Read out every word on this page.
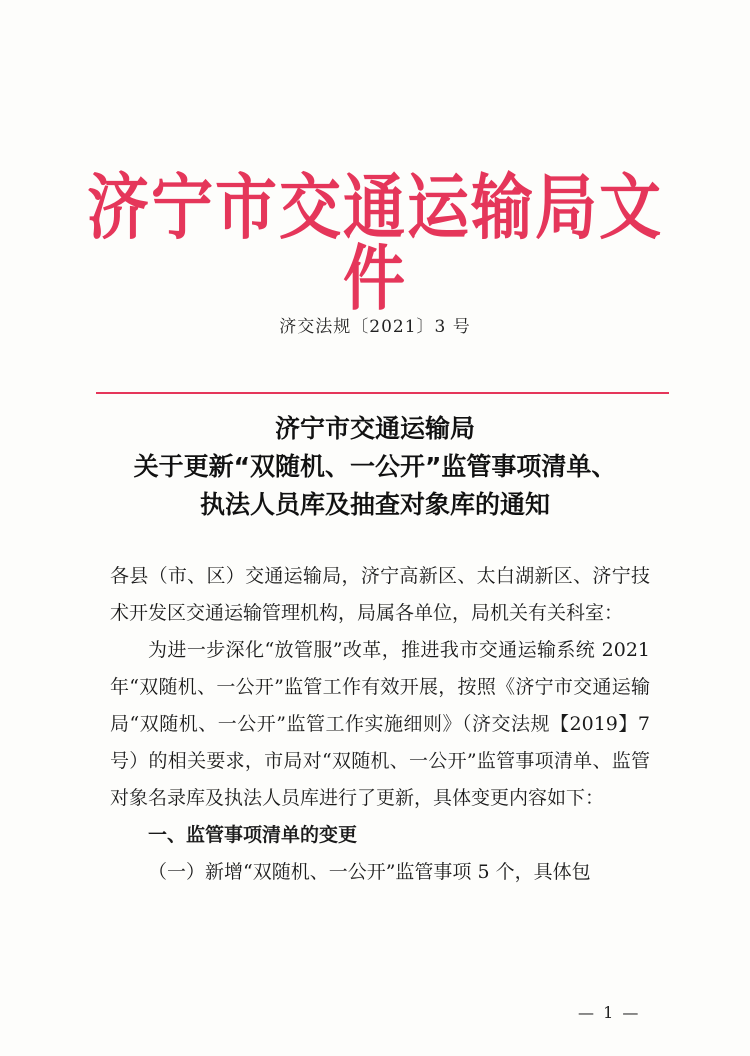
济宁市交通运输局文件
济交法规〔2021〕3 号
济宁市交通运输局
关于更新“双随机、一公开”监管事项清单、
执法人员库及抽查对象库的通知

各县（市、区）交通运输局，济宁高新区、太白湖新区、济宁技术开发区交通运输管理机构，局属各单位，局机关有关科室：

为进一步深化“放管服”改革，推进我市交通运输系统 2021 年“双随机、一公开”监管工作有效开展，按照《济宁市交通运输局“双随机、一公开”监管工作实施细则》（济交法规【2019】7 号）的相关要求，市局对“双随机、一公开”监管事项清单、监管对象名录库及执法人员库进行了更新，具体变更内容如下：

一、监管事项清单的变更

（一）新增“双随机、一公开”监管事项 5 个，具体包

— 1 —
